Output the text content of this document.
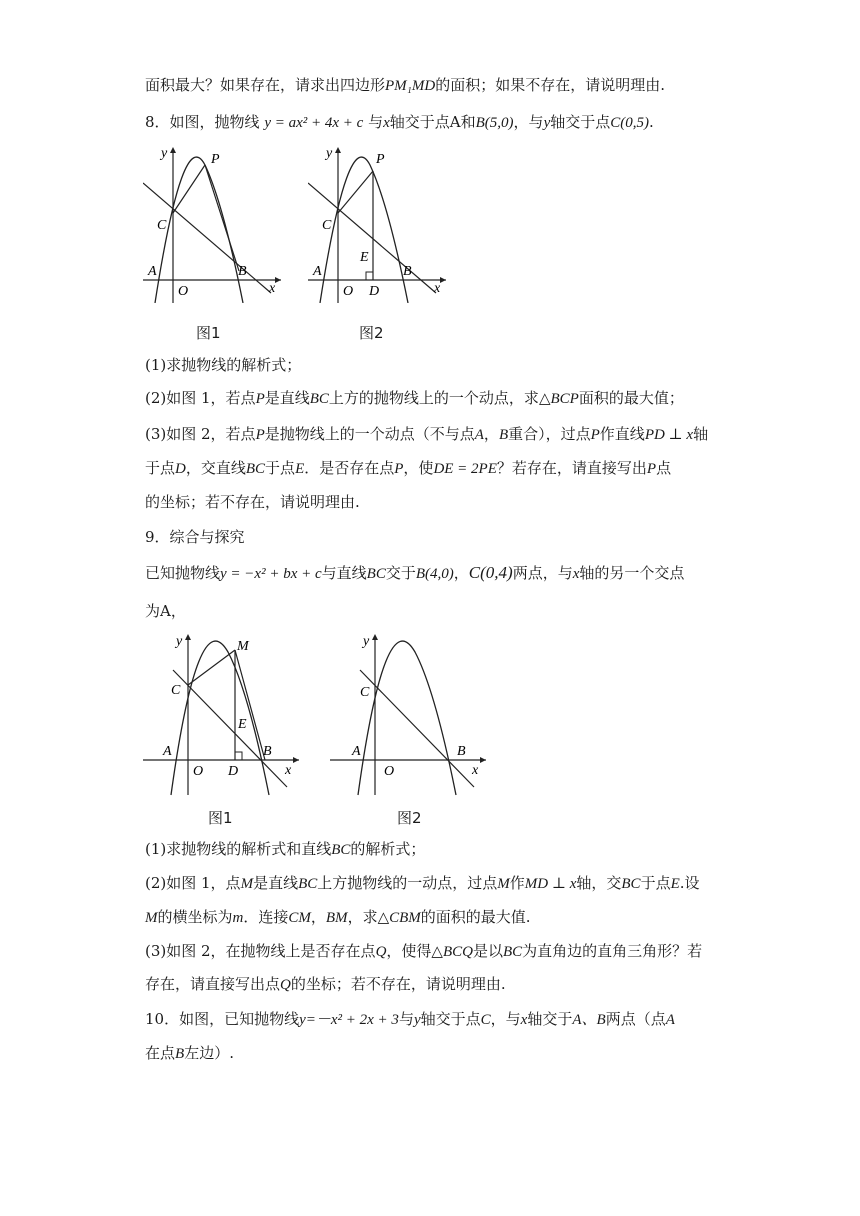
面积最大？如果存在，请求出四边形PM₁MD的面积；如果不存在，请说明理由.
8．如图，抛物线 y = ax² + 4x + c 与x轴交于点A和B(5,0)，与y轴交于点C(0,5).
y
x
P
C
A
O
B
图1
y
x
P
C
E
A
O D
B
图2
(1)求抛物线的解析式；
(2)如图 1，若点P是直线BC上方的抛物线上的一个动点，求△BCP面积的最大值；
(3)如图 2，若点P是抛物线上的一个动点（不与点A，B重合），过点P作直线PD ⊥ x轴
于点D，交直线BC于点E．是否存在点P，使DE = 2PE？若存在，请直接写出P点
的坐标；若不存在，请说明理由.
9．综合与探究
已知抛物线y = −x² + bx + c与直线BC交于B(4,0)，C(0,4)两点，与x轴的另一个交点
为A，
y
x
M
C
E
A
O D
B
图1
y
x
C
A
O
B
图2
(1)求抛物线的解析式和直线BC的解析式；
(2)如图 1，点M是直线BC上方抛物线的一动点，过点M作MD ⊥ x轴，交BC于点E.设
M的横坐标为m．连接CM，BM，求△CBM的面积的最大值.
(3)如图 2，在抛物线上是否存在点Q，使得△BCQ是以BC为直角边的直角三角形？若
存在，请直接写出点Q的坐标；若不存在，请说明理由.
10．如图，已知抛物线y=－x² + 2x + 3与y轴交于点C，与x轴交于A、B两点（点A
在点B左边）.
